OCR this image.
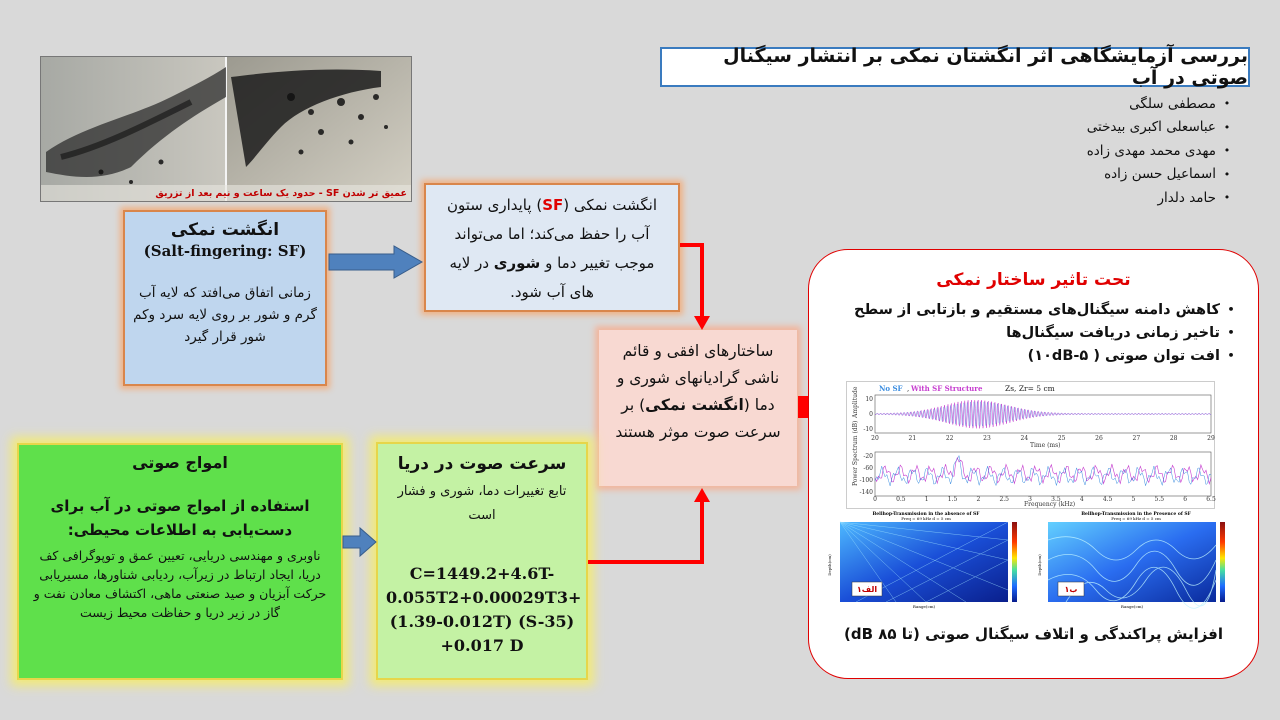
بررسی آزمایشگاهی اثر انگشتان نمکی بر انتشار سیگنال صوتی در آب
•
مصطفی سلگی
•
عباسعلی اکبری بیدختی
•
مهدی محمد مهدی زاده
•
اسماعیل حسن زاده
•
حامد دلدار
عمیق تر شدن SF - حدود یک ساعت و نیم بعد از تزریق
انگشت نمکی
(Salt-fingering: SF)
زمانی اتفاق می‌افتد که لایه آب گرم و شور بر روی لایه سرد وکم شور قرار گیرد
انگشت نمکی (SF) پایداری ستون آب را حفظ می‌کند؛ اما می‌تواند موجب تغییر دما و شوری در لایه های آب شود.
ساختارهای افقی و قائم ناشی گرادیانهای شوری و دما (انگشت نمکی) بر سرعت صوت موثر هستند
امواج صوتی
استفاده از امواج صوتی در آب برای دست‌یابی به اطلاعات محیطی:
ناوبری و مهندسی دریایی، تعیین عمق و توپوگرافی کف دریا، ایجاد ارتباط در زیرآب، ردیابی شناورها، مسیریابی حرکت آبزیان و صید صنعتی ماهی، اکتشاف معادن نفت و گاز در زیر دریا و حفاظت محیط زیست
سرعت صوت در دریا
تابع تغییرات دما، شوری و فشار است
C=1449.2+4.6T-0.055T2+0.00029T3+(1.39-0.012T) (S-35) +0.017 D
تحت تاثیر ساختار نمکی
•
کاهش دامنه سیگنال‌های مستقیم و بازتابی از سطح
•
تاخیر زمانی دریافت سیگنال‌ها
•
افت توان صوتی ( ۵-۱۰dB)
افزایش پراکندگی و اتلاف سیگنال صوتی (تا ۸۵ dB)
No SF , With SF Structure	Zs, Zr= 5 cm
Amplitude 10
0
-10
20	21	22	23	24	25	26	27	28	29
Time (ms)
Power Spectrum (dB) -20
-60
-100
-140
0	0.5	1	1.5	2	2.5	3	3.5	4	4.5	5	5.5	6	6.5
Frequency (kHz)
Bellhop-Transmission in the absence of SF
Freq = 69 kHz d = 5 cm
الف۱
Range(cm)
Depth(cm)
Bellhop-Transmission in the Presence of SF
Freq = 69 kHz d = 5 cm
ب۱
Range(cm)
Depth(cm)
